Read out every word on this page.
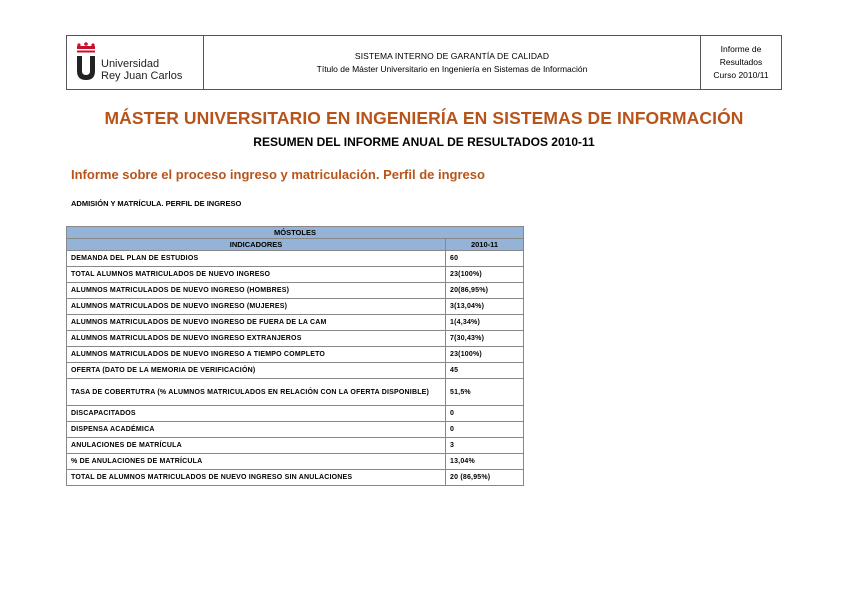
Universidad
Rey Juan Carlos
SISTEMA INTERNO DE GARANTÍA DE CALIDAD
Título de Máster Universitario en Ingeniería en Sistemas de Información
Informe de
Resultados
Curso 2010/11
MÁSTER UNIVERSITARIO EN INGENIERÍA EN SISTEMAS DE INFORMACIÓN
RESUMEN DEL INFORME ANUAL DE RESULTADOS 2010-11
Informe sobre el proceso ingreso y matriculación. Perfil de ingreso
ADMISIÓN Y MATRÍCULA. PERFIL DE INGRESO
MÓSTOLES	
INDICADORES	2010-11
DEMANDA DEL PLAN DE ESTUDIOS	60
TOTAL ALUMNOS MATRICULADOS DE NUEVO INGRESO	23(100%)
ALUMNOS MATRICULADOS DE NUEVO INGRESO (HOMBRES)	20(86,95%)
ALUMNOS MATRICULADOS DE NUEVO INGRESO (MUJERES)	3(13,04%)
ALUMNOS MATRICULADOS DE NUEVO INGRESO DE FUERA DE LA CAM	1(4,34%)
ALUMNOS MATRICULADOS DE NUEVO INGRESO EXTRANJEROS	7(30,43%)
ALUMNOS MATRICULADOS DE NUEVO INGRESO A TIEMPO COMPLETO	23(100%)
OFERTA (DATO DE LA MEMORIA DE VERIFICACIÓN)	45
TASA DE COBERTUTRA (% ALUMNOS MATRICULADOS EN RELACIÓN CON LA OFERTA DISPONIBLE)	51,5%
DISCAPACITADOS	0
DISPENSA ACADÉMICA	0
ANULACIONES DE MATRÍCULA	3
% DE ANULACIONES DE MATRÍCULA	13,04%
TOTAL DE ALUMNOS MATRICULADOS DE NUEVO INGRESO SIN ANULACIONES	20 (86,95%)
